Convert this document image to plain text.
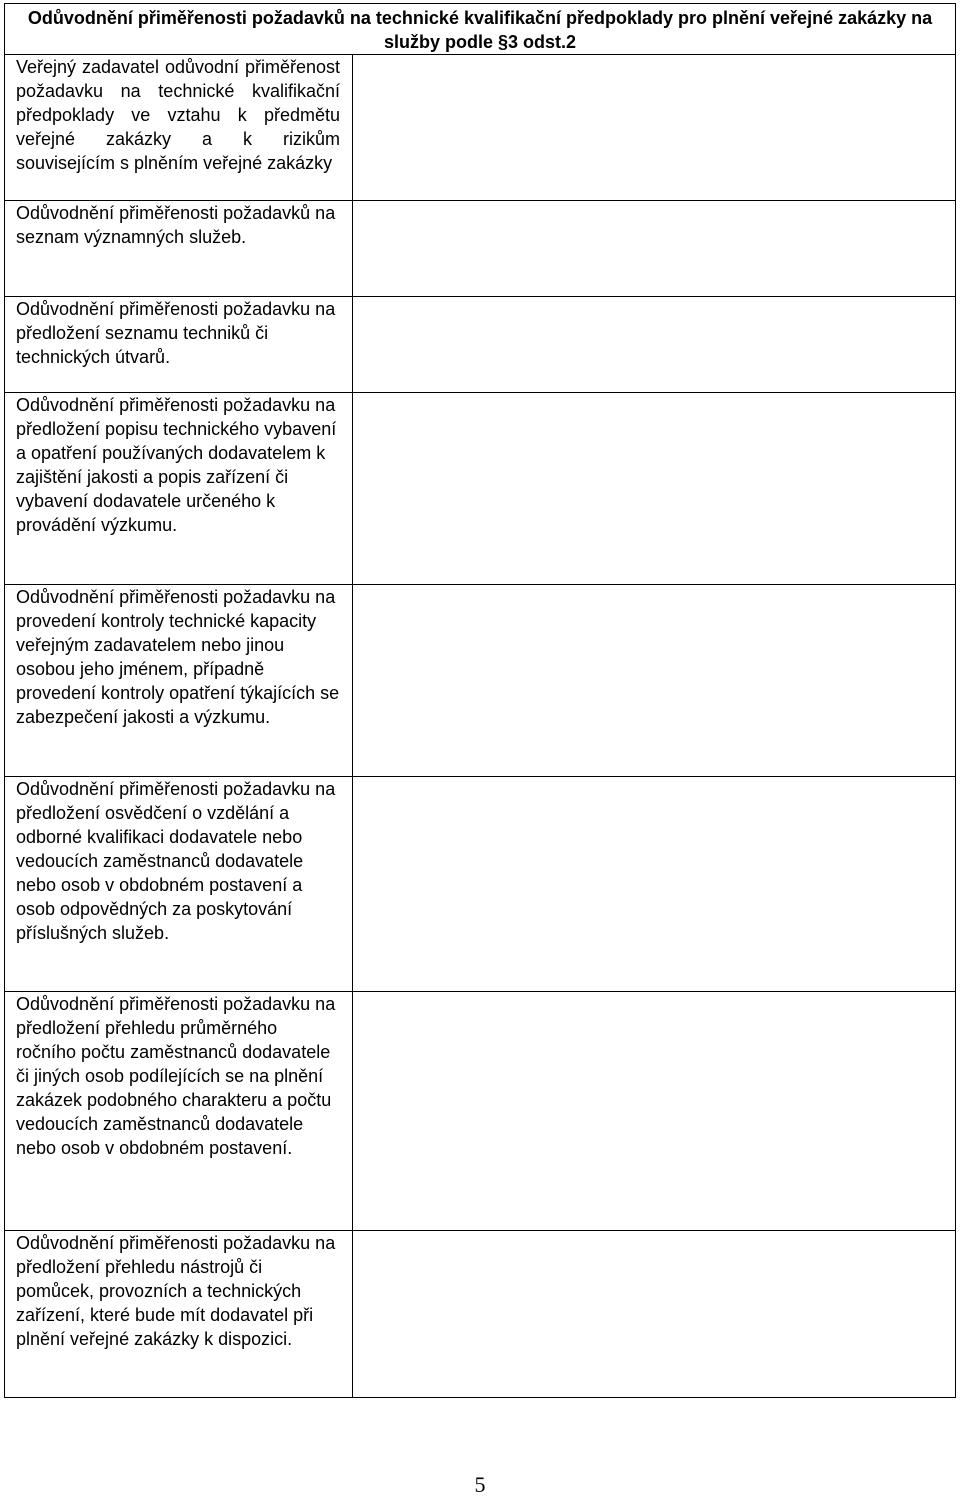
Odůvodnění přiměřenosti požadavků na technické kvalifikační předpoklady pro plnění veřejné zakázky na služby podle §3 odst.2	

Veřejný zadavatel odůvodní přiměřenost požadavku na technické kvalifikační předpoklady ve vztahu k předmětu veřejné zakázky a k rizikům souvisejícím s plněním veřejné zakázky	

Odůvodnění přiměřenosti požadavků na seznam významných služeb.	

Odůvodnění přiměřenosti požadavku na předložení seznamu techniků či technických útvarů.	

Odůvodnění přiměřenosti požadavku na předložení popisu technického vybavení a opatření používaných dodavatelem k zajištění jakosti a popis zařízení či vybavení dodavatele určeného k provádění výzkumu.	

Odůvodnění přiměřenosti požadavku na provedení kontroly technické kapacity veřejným zadavatelem nebo jinou osobou jeho jménem, případně provedení kontroly opatření týkajících se zabezpečení jakosti a výzkumu.	

Odůvodnění přiměřenosti požadavku na předložení osvědčení o vzdělání a odborné kvalifikaci dodavatele nebo vedoucích zaměstnanců dodavatele nebo osob v obdobném postavení a osob odpovědných za poskytování příslušných služeb.	

Odůvodnění přiměřenosti požadavku na předložení přehledu průměrného ročního počtu zaměstnanců dodavatele či jiných osob podílejících se na plnění zakázek podobného charakteru a počtu vedoucích zaměstnanců dodavatele nebo osob v obdobném postavení.	

Odůvodnění přiměřenosti požadavku na předložení přehledu nástrojů či pomůcek, provozních a technických zařízení, které bude mít dodavatel při plnění veřejné zakázky k dispozici.	

5
